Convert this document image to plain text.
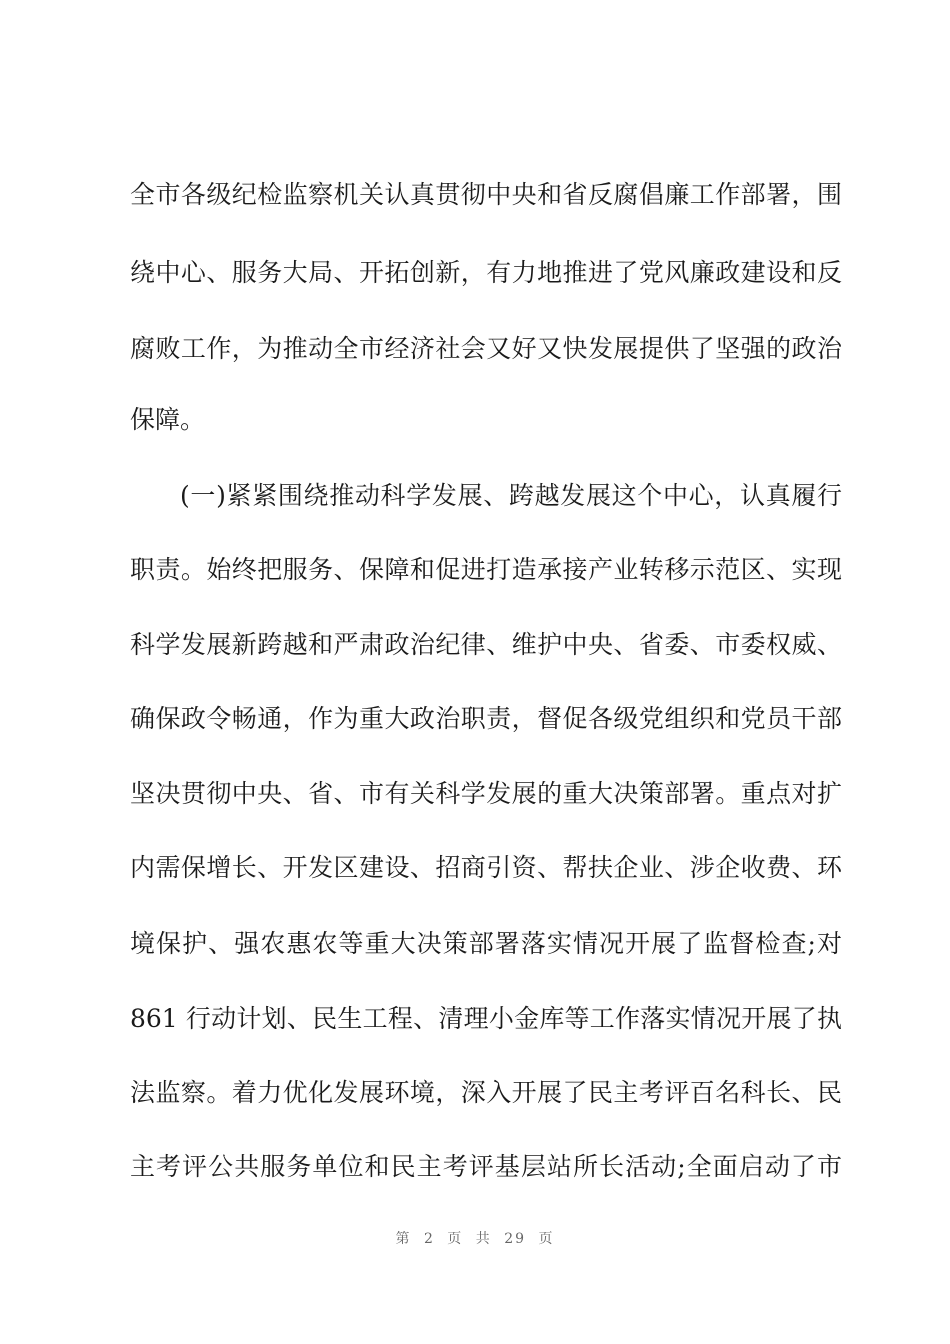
全市各级纪检监察机关认真贯彻中央和省反腐倡廉工作部署，围
绕中心、服务大局、开拓创新，有力地推进了党风廉政建设和反
腐败工作，为推动全市经济社会又好又快发展提供了坚强的政治
保障。
(一)紧紧围绕推动科学发展、跨越发展这个中心，认真履行
职责。始终把服务、保障和促进打造承接产业转移示范区、实现
科学发展新跨越和严肃政治纪律、维护中央、省委、市委权威、
确保政令畅通，作为重大政治职责，督促各级党组织和党员干部
坚决贯彻中央、省、市有关科学发展的重大决策部署。重点对扩
内需保增长、开发区建设、招商引资、帮扶企业、涉企收费、环
境保护、强农惠农等重大决策部署落实情况开展了监督检查;对
861 行动计划、民生工程、清理小金库等工作落实情况开展了执
法监察。着力优化发展环境，深入开展了民主考评百名科长、民
主考评公共服务单位和民主考评基层站所长活动;全面启动了市
第 2 页 共 29 页
